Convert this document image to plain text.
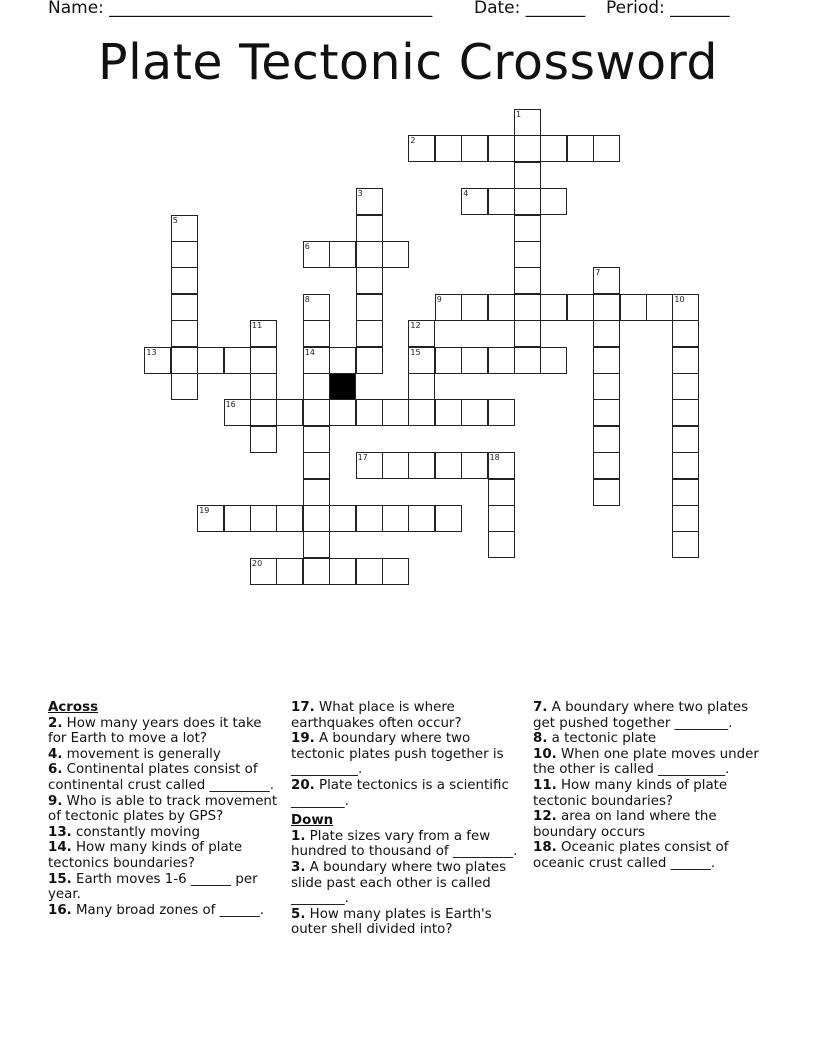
Name: ______________________________________ Date: _______ Period: _______
Plate Tectonic Crossword
1
2
3	4
5
6
7
8
14
9	10
11	12
15
13
16
17	18
19
20
Across
2. How many years does it take for Earth to move a lot?
4. movement is generally
6. Continental plates consist of continental crust called _________.
9. Who is able to track movement of tectonic plates by GPS?
13. constantly moving
14. How many kinds of plate tectonics boundaries?
15. Earth moves 1-6 ______ per year.
16. Many broad zones of ______.
17. What place is where earthquakes often occur?
19. A boundary where two tectonic plates push together is __________.
20. Plate tectonics is a scientific ________.
Down
1. Plate sizes vary from a few hundred to thousand of _________.
3. A boundary where two plates slide past each other is called ________.
5. How many plates is Earth's outer shell divided into?
7. A boundary where two plates get pushed together ________.
8. a tectonic plate
10. When one plate moves under the other is called __________.
11. How many kinds of plate tectonic boundaries?
12. area on land where the boundary occurs
18. Oceanic plates consist of oceanic crust called ______.
